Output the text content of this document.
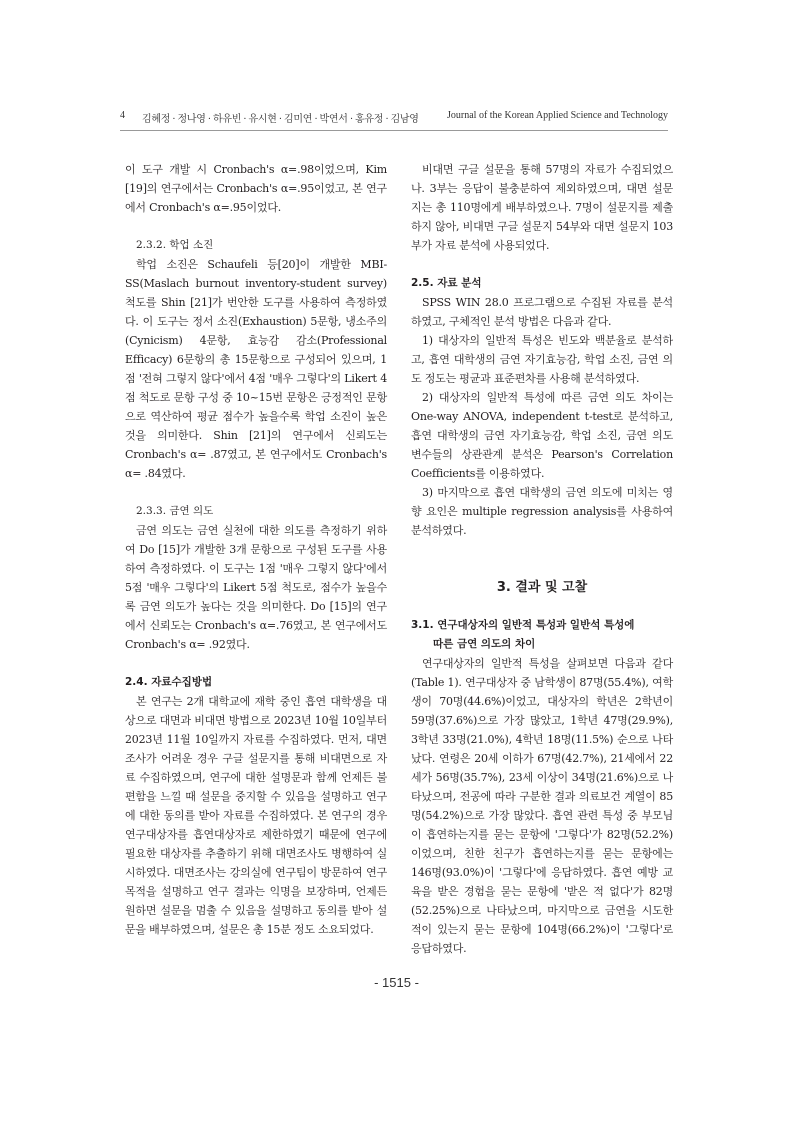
4 김혜정 · 정나영 · 하유빈 · 유시현 · 김미연 · 박연서 · 홍유정 · 김남영	Journal of the Korean Applied Science and Technology

이 도구 개발 시 Cronbach's α=.98이었으며, Kim [19]의 연구에서는 Cronbach's α=.95이었고, 본 연구에서 Cronbach's α=.95이었다.

2.3.2. 학업 소진

학업 소진은 Schaufeli 등[20]이 개발한 MBI-SS(Maslach burnout inventory-student survey) 척도를 Shin [21]가 번안한 도구를 사용하여 측정하였다. 이 도구는 정서 소진(Exhaustion) 5문항, 냉소주의(Cynicism) 4문항, 효능감 감소(Professional Efficacy) 6문항의 총 15문항으로 구성되어 있으며, 1점 '전혀 그렇지 않다'에서 4점 '매우 그렇다'의 Likert 4점 척도로 문항 구성 중 10~15번 문항은 긍정적인 문항으로 역산하여 평균 점수가 높을수록 학업 소진이 높은 것을 의미한다. Shin [21]의 연구에서 신뢰도는 Cronbach's α= .87였고, 본 연구에서도 Cronbach's α= .84였다.

2.3.3. 금연 의도

금연 의도는 금연 실천에 대한 의도를 측정하기 위하여 Do [15]가 개발한 3개 문항으로 구성된 도구를 사용하여 측정하였다. 이 도구는 1점 '매우 그렇지 않다'에서 5점 '매우 그렇다'의 Likert 5점 척도로, 점수가 높을수록 금연 의도가 높다는 것을 의미한다. Do [15]의 연구에서 신뢰도는 Cronbach's α=.76였고, 본 연구에서도 Cronbach's α= .92였다.

2.4. 자료수집방법

본 연구는 2개 대학교에 재학 중인 흡연 대학생을 대상으로 대면과 비대면 방법으로 2023년 10월 10일부터 2023년 11월 10일까지 자료를 수집하였다. 먼저, 대면조사가 어려운 경우 구글 설문지를 통해 비대면으로 자료 수집하였으며, 연구에 대한 설명문과 함께 언제든 불편함을 느낄 때 설문을 중지할 수 있음을 설명하고 연구에 대한 동의를 받아 자료를 수집하였다. 본 연구의 경우 연구대상자를 흡연대상자로 제한하였기 때문에 연구에 필요한 대상자를 추출하기 위해 대면조사도 병행하여 실시하였다. 대면조사는 강의실에 연구팀이 방문하여 연구 목적을 설명하고 연구 결과는 익명을 보장하며, 언제든 원하면 설문을 멈출 수 있음을 설명하고 동의를 받아 설문을 배부하였으며, 설문은 총 15분 정도 소요되었다.

비대면 구글 설문을 통해 57명의 자료가 수집되었으나. 3부는 응답이 불충분하여 제외하였으며, 대면 설문지는 총 110명에게 배부하였으나. 7명이 설문지를 제출하지 않아, 비대면 구글 설문지 54부와 대면 설문지 103부가 자료 분석에 사용되었다.

2.5. 자료 분석

SPSS WIN 28.0 프로그램으로 수집된 자료를 분석하였고, 구체적인 분석 방법은 다음과 같다.

1) 대상자의 일반적 특성은 빈도와 백분율로 분석하고, 흡연 대학생의 금연 자기효능감, 학업 소진, 금연 의도 정도는 평균과 표준편차를 사용해 분석하였다.

2) 대상자의 일반적 특성에 따른 금연 의도 차이는 One-way ANOVA, independent t-test로 분석하고, 흡연 대학생의 금연 자기효능감, 학업 소진, 금연 의도 변수들의 상관관계 분석은 Pearson's Correlation Coefficients를 이용하였다.

3) 마지막으로 흡연 대학생의 금연 의도에 미치는 영향 요인은 multiple regression analysis를 사용하여 분석하였다.

3. 결과 및 고찰
3.1. 연구대상자의 일반적 특성과 일반석 특성에
따른 금연 의도의 차이

연구대상자의 일반적 특성을 살펴보면 다음과 같다(Table 1). 연구대상자 중 남학생이 87명(55.4%), 여학생이 70명(44.6%)이었고, 대상자의 학년은 2학년이 59명(37.6%)으로 가장 많았고, 1학년 47명(29.9%), 3학년 33명(21.0%), 4학년 18명(11.5%) 순으로 나타났다. 연령은 20세 이하가 67명(42.7%), 21세에서 22세가 56명(35.7%), 23세 이상이 34명(21.6%)으로 나타났으며, 전공에 따라 구분한 결과 의료보건 계열이 85명(54.2%)으로 가장 많았다. 흡연 관련 특성 중 부모님이 흡연하는지를 묻는 문항에 '그렇다'가 82명(52.2%)이었으며, 친한 친구가 흡연하는지를 묻는 문항에는 146명(93.0%)이 '그렇다'에 응답하였다. 흡연 예방 교육을 받은 경험을 묻는 문항에 '받은 적 없다'가 82명(52.25%)으로 나타났으며, 마지막으로 금연을 시도한 적이 있는지 묻는 문항에 104명(66.2%)이 '그렇다'로 응답하였다.

- 1515 -
